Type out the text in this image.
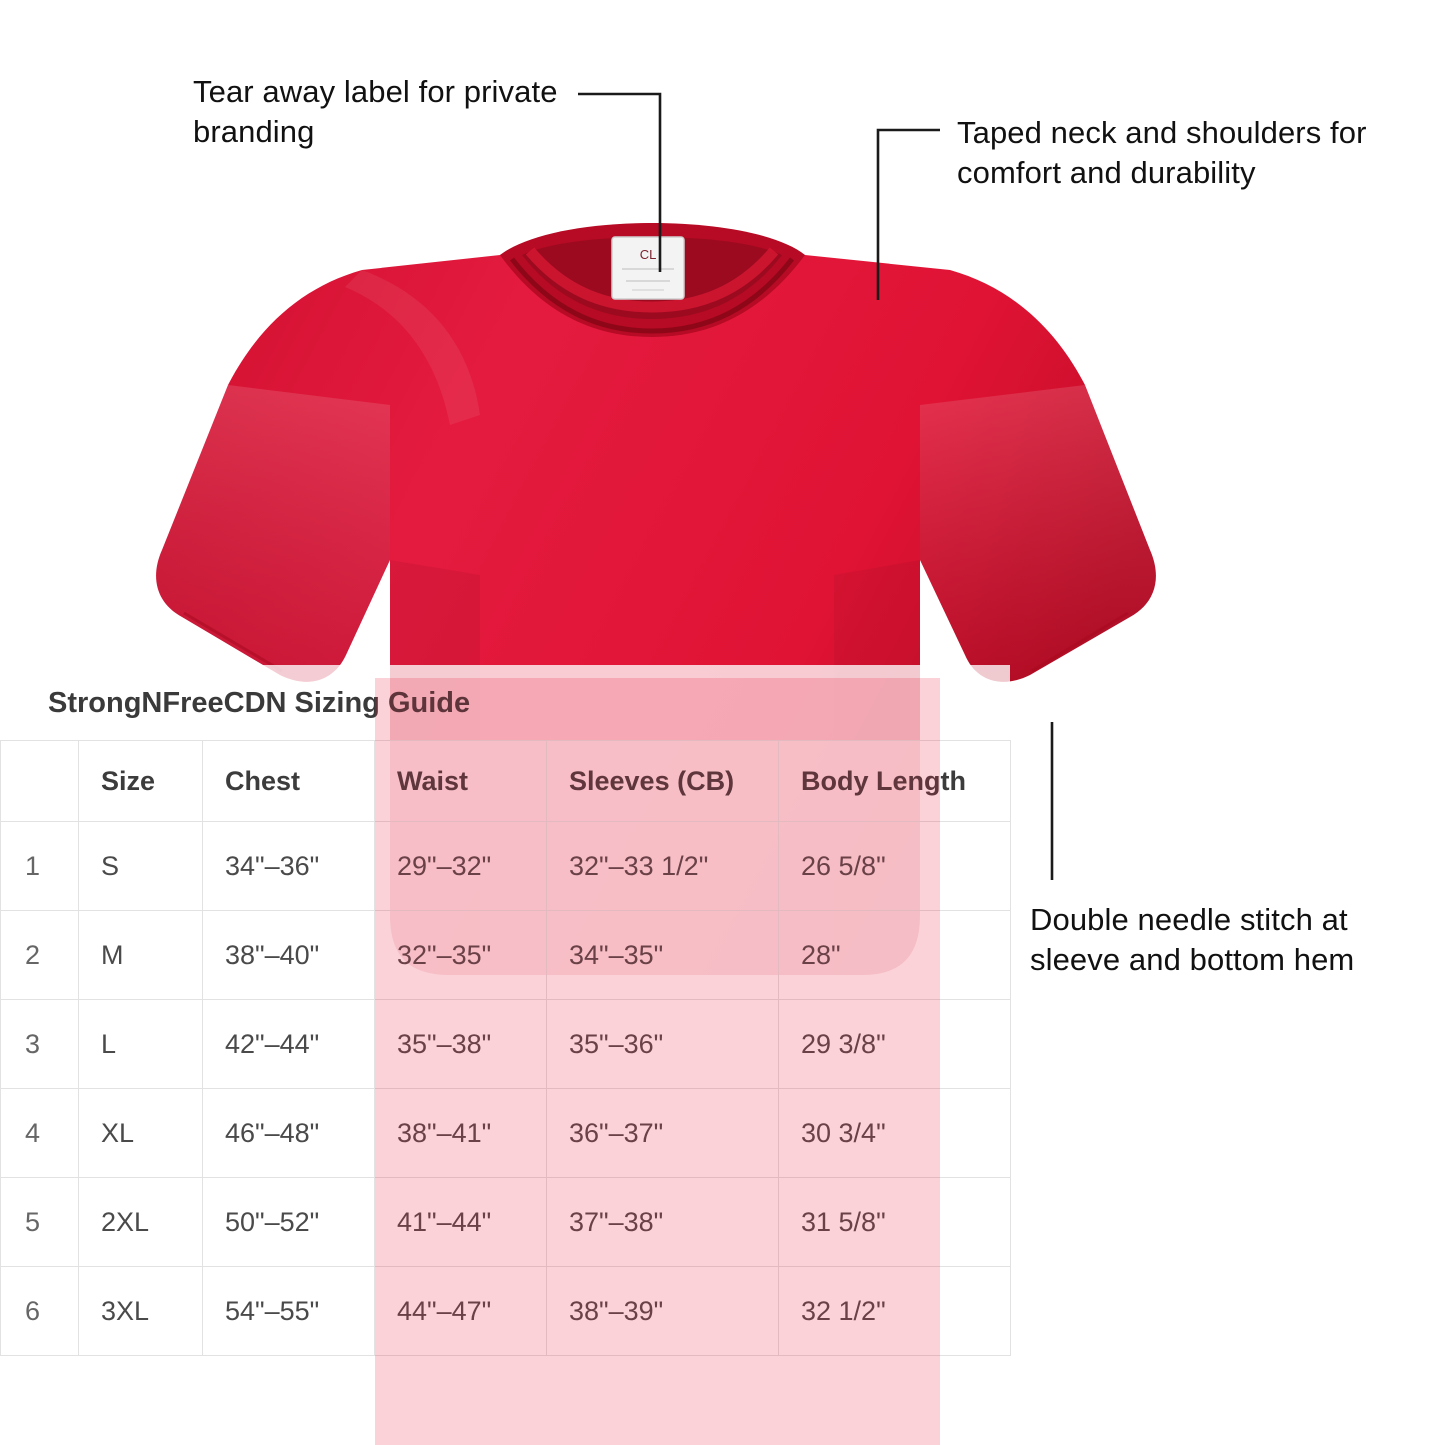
CL
Tear away label for private branding	Taped neck and shoulders for comfort and durability
Double needle stitch at sleeve and bottom hem
StrongNFreeCDN Sizing Guide
	Size	Chest	Waist	Sleeves (CB)	Body Length
1	S	34"–36"	29"–32"	32"–33 1/2"	26 5/8"
2	M	38"–40"	32"–35"	34"–35"	28"
3	L	42"–44"	35"–38"	35"–36"	29 3/8"
4	XL	46"–48"	38"–41"	36"–37"	30 3/4"
5	2XL	50"–52"	41"–44"	37"–38"	31 5/8"
6	3XL	54"–55"	44"–47"	38"–39"	32 1/2"
